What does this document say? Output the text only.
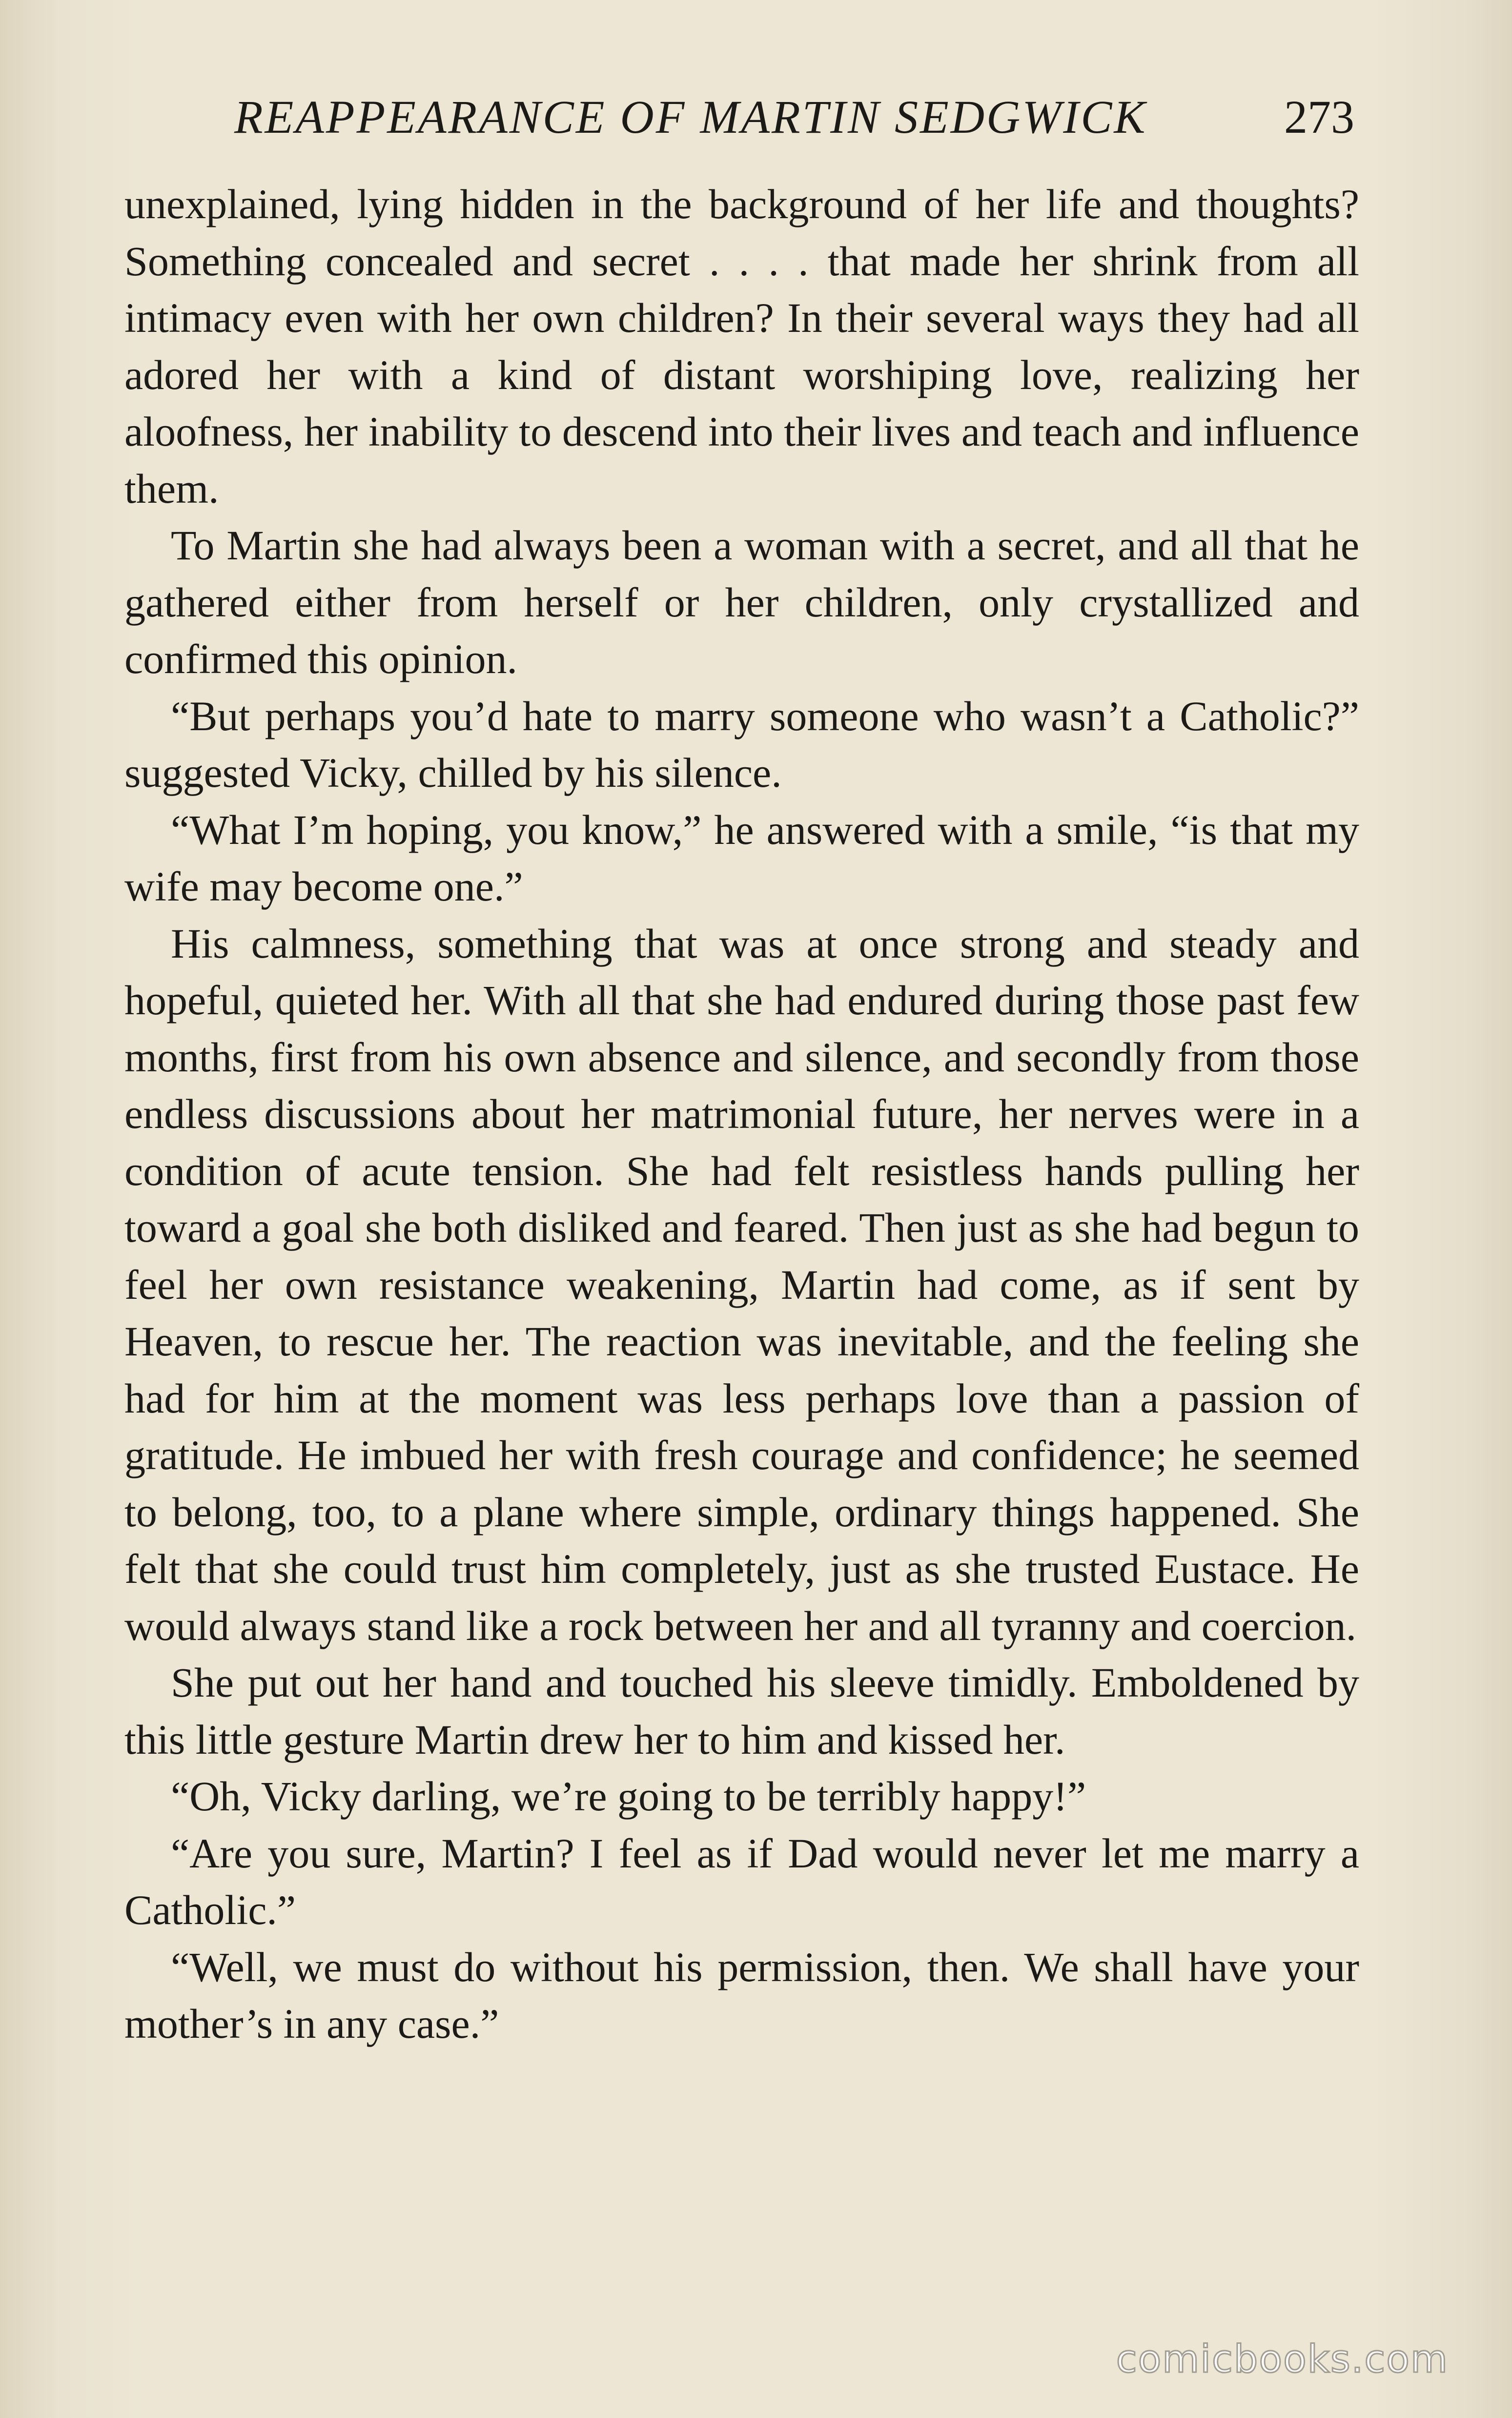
REAPPEARANCE OF MARTIN SEDGWICK	273

unexplained, lying hidden in the background of her life and thoughts? Something concealed and secret . . . . that made her shrink from all intimacy even with her own children? In their several ways they had all adored her with a kind of distant worshiping love, realizing her aloofness, her inability to descend into their lives and teach and influence them.

To Martin she had always been a woman with a secret, and all that he gathered either from herself or her children, only crystallized and confirmed this opinion.

“But perhaps you’d hate to marry someone who wasn’t a Catholic?” suggested Vicky, chilled by his silence.

“What I’m hoping, you know,” he answered with a smile, “is that my wife may become one.”

His calmness, something that was at once strong and steady and hopeful, quieted her. With all that she had endured during those past few months, first from his own absence and silence, and secondly from those endless discussions about her matrimonial future, her nerves were in a condition of acute tension. She had felt resistless hands pulling her toward a goal she both disliked and feared. Then just as she had begun to feel her own resistance weakening, Martin had come, as if sent by Heaven, to rescue her. The reaction was inevitable, and the feeling she had for him at the moment was less perhaps love than a passion of gratitude. He imbued her with fresh courage and confidence; he seemed to belong, too, to a plane where simple, ordinary things happened. She felt that she could trust him completely, just as she trusted Eustace. He would always stand like a rock between her and all tyranny and coercion.

She put out her hand and touched his sleeve timidly. Emboldened by this little gesture Martin drew her to him and kissed her.

“Oh, Vicky darling, we’re going to be terribly happy!”

“Are you sure, Martin? I feel as if Dad would never let me marry a Catholic.”

“Well, we must do without his permission, then. We shall have your mother’s in any case.”

comicbooks.com
